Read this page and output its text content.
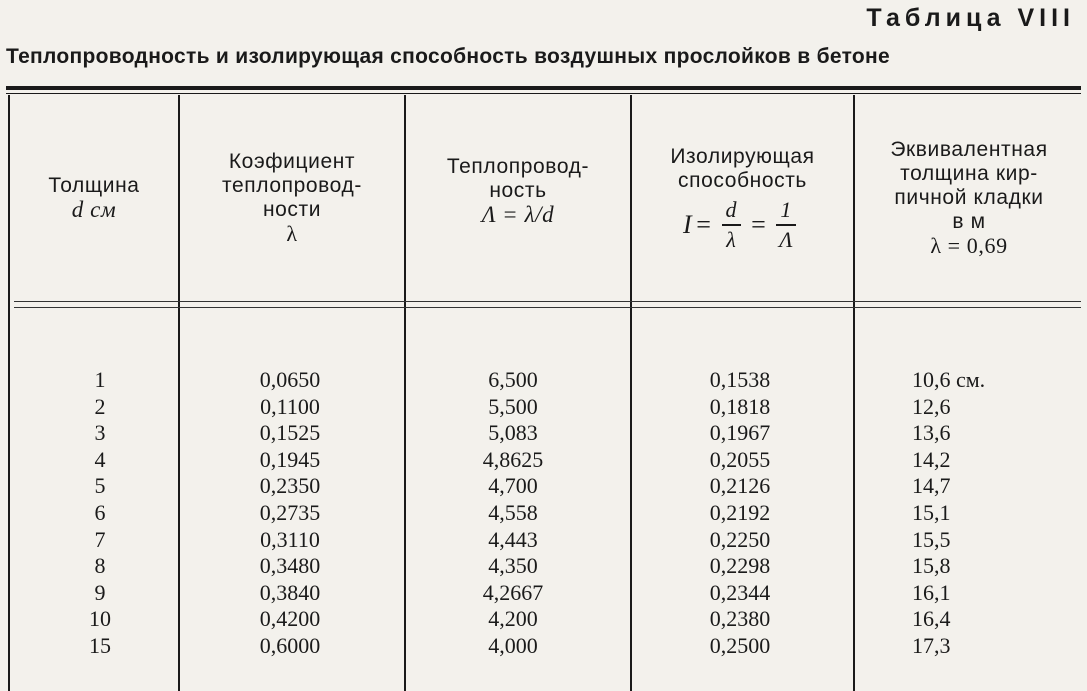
Таблица VIII
Теплопроводность и изолирующая способность воздушных прослойков в бетоне
Толщина
d см
Коэфициент
теплопровод-
ности
λ
Теплопровод-
ность
Λ = λ/d
Изолирующая
способность
$I = \frac{d}{\lambda} = \frac{1}{\Lambda}$
Эквивалентная
толщина кир-
пичной кладки
в м
λ = 0,69
1
2
3
4
5
6
7
8
9
10
15
0,0650
0,1100
0,1525
0,1945
0,2350
0,2735
0,3110
0,3480
0,3840
0,4200
0,6000
6,500
5,500
5,083
4,8625
4,700
4,558
4,443
4,350
4,2667
4,200
4,000
0,1538
0,1818
0,1967
0,2055
0,2126
0,2192
0,2250
0,2298
0,2344
0,2380
0,2500
10,6 см.
12,6
13,6
14,2
14,7
15,1
15,5
15,8
16,1
16,4
17,3
